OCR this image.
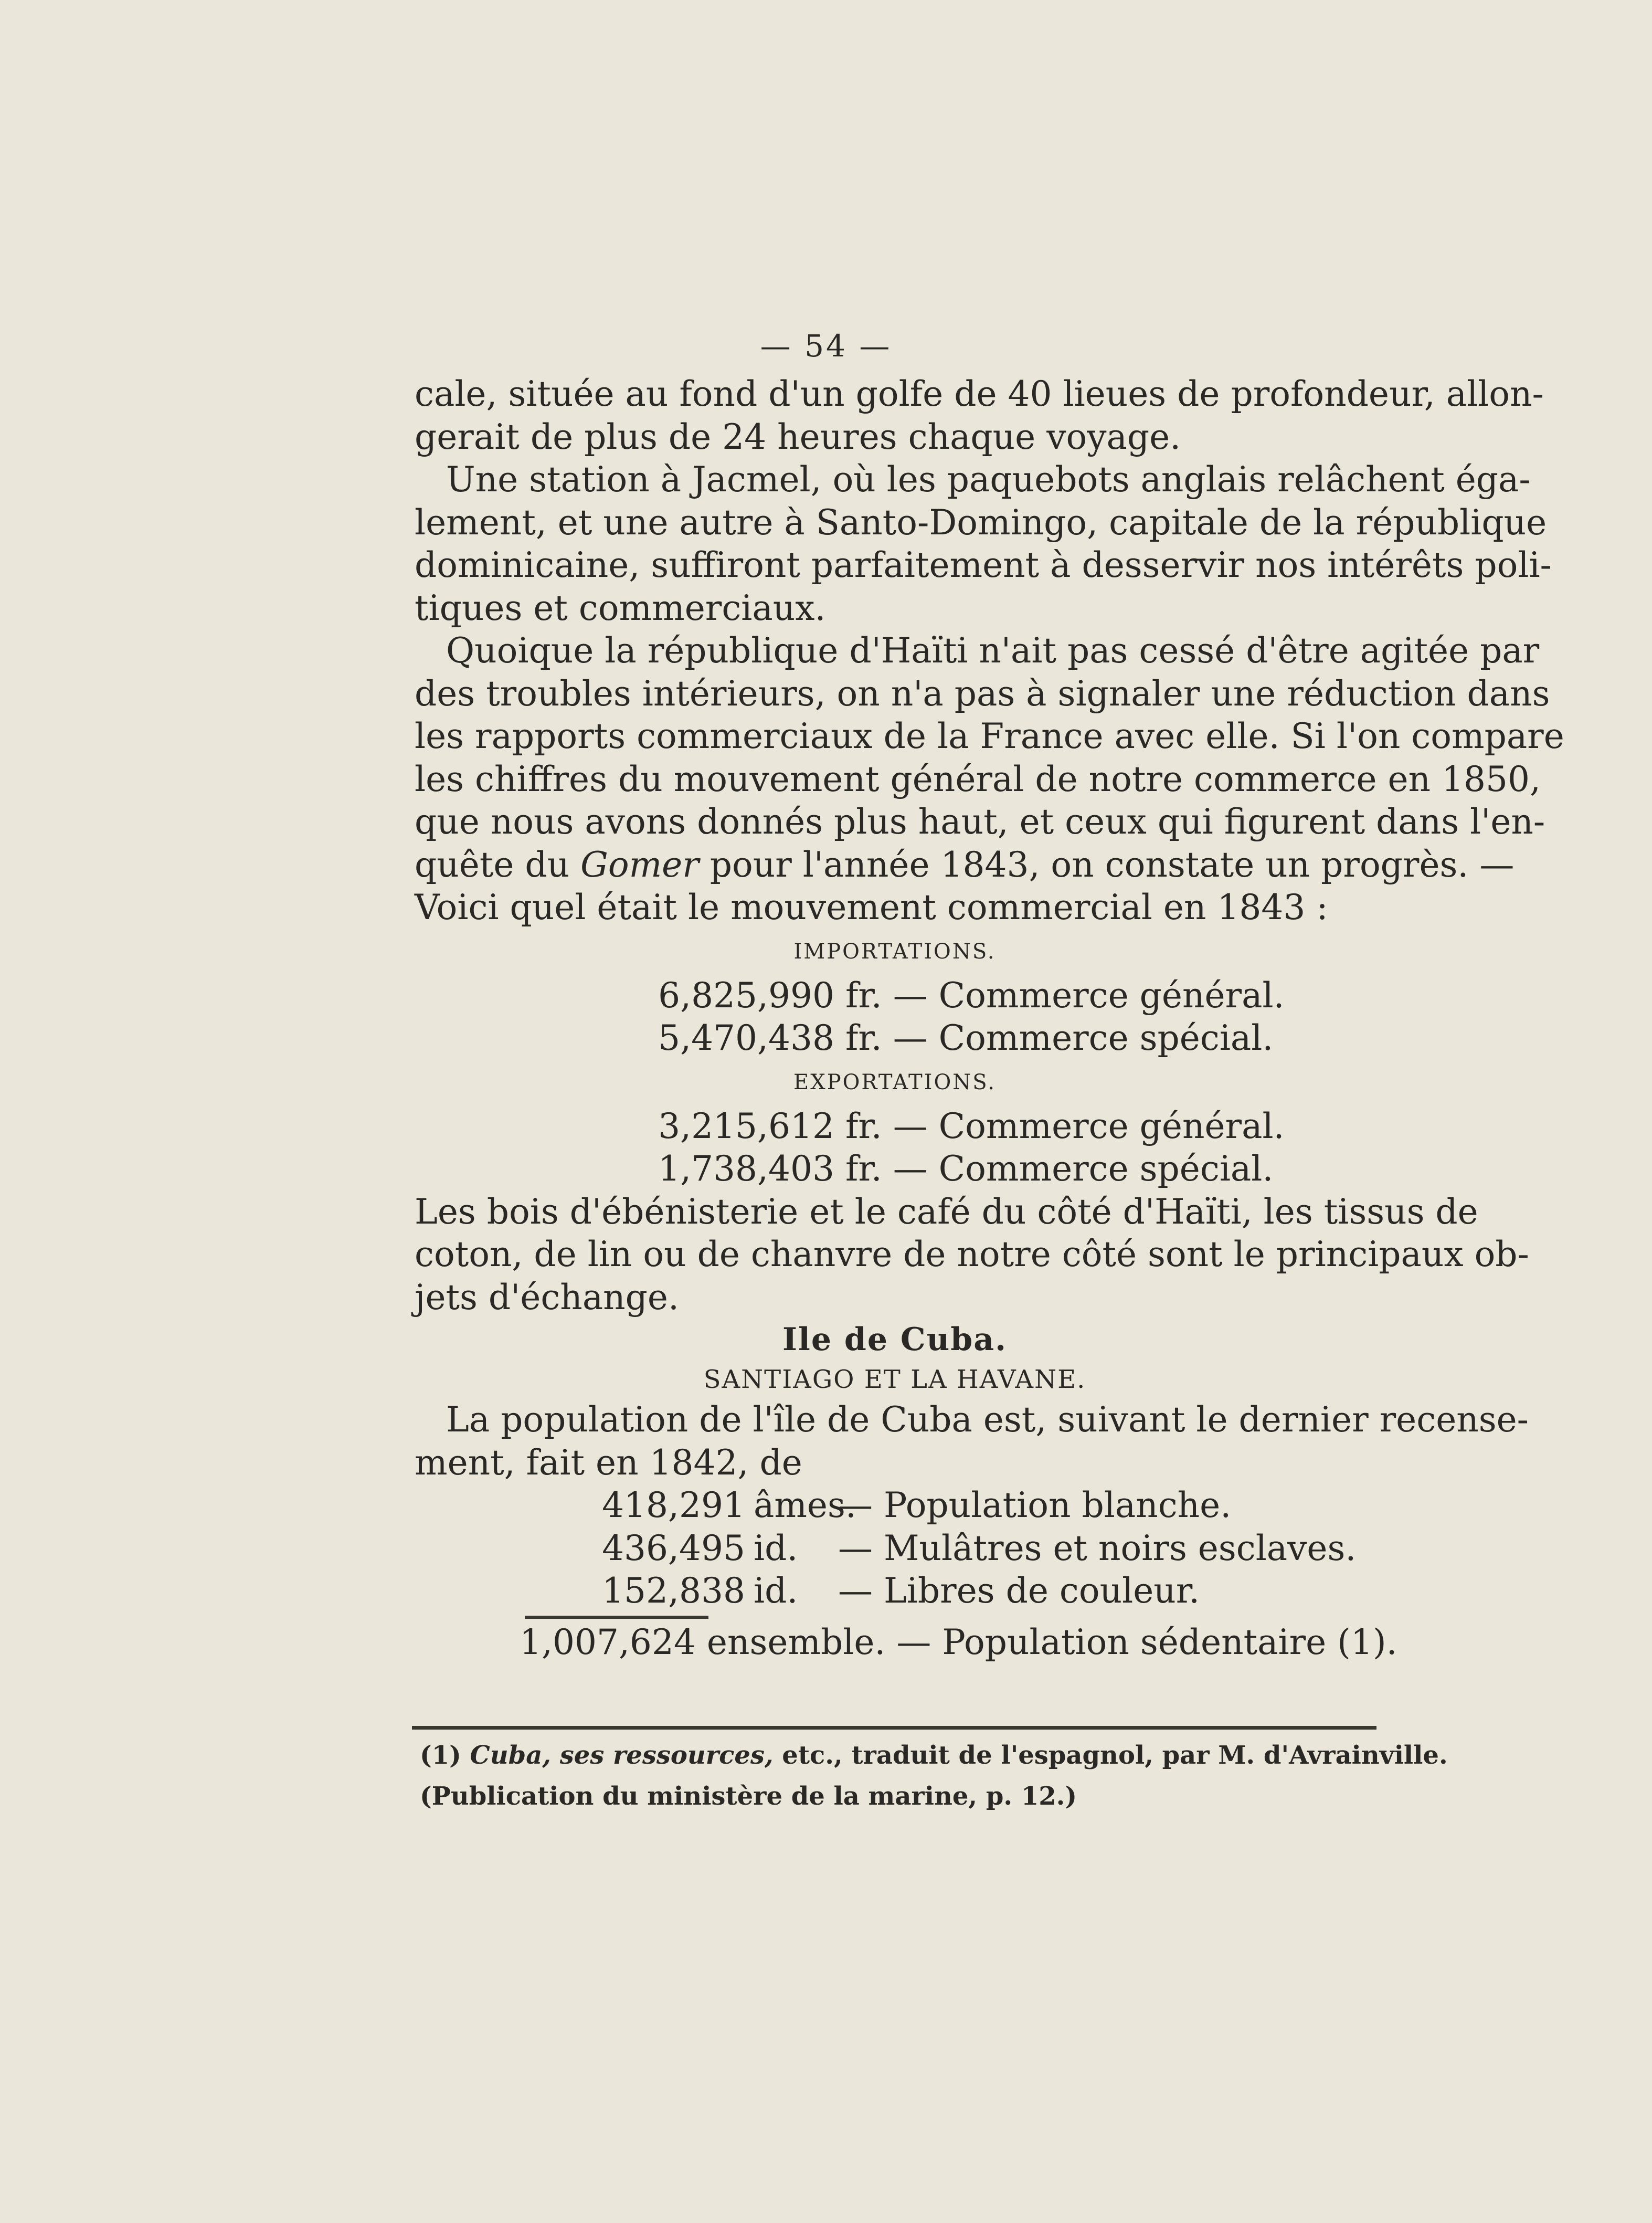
— 54 —
cale, située au fond d'un golfe de 40 lieues de profondeur, allon-
gerait de plus de 24 heures chaque voyage.
Une station à Jacmel, où les paquebots anglais relâchent éga-
lement, et une autre à Santo-Domingo, capitale de la république
dominicaine, suffiront parfaitement à desservir nos intérêts poli-
tiques et commerciaux.
Quoique la république d'Haïti n'ait pas cessé d'être agitée par
des troubles intérieurs, on n'a pas à signaler une réduction dans
les rapports commerciaux de la France avec elle. Si l'on compare
les chiffres du mouvement général de notre commerce en 1850,
que nous avons donnés plus haut, et ceux qui figurent dans l'en-
quête du Gomer pour l'année 1843, on constate un progrès. —
Voici quel était le mouvement commercial en 1843 :
IMPORTATIONS.
6,825,990 fr. — Commerce général.
5,470,438 fr. — Commerce spécial.
EXPORTATIONS.
3,215,612 fr. — Commerce général.
1,738,403 fr. — Commerce spécial.
Les bois d'ébénisterie et le café du côté d'Haïti, les tissus de
coton, de lin ou de chanvre de notre côté sont le principaux ob-
jets d'échange.
Ile de Cuba.
SANTIAGO ET LA HAVANE.
La population de l'île de Cuba est, suivant le dernier recense-
ment, fait en 1842, de
418,291 âmes. — Population blanche.
436,495 id. — Mulâtres et noirs esclaves.
152,838 id. — Libres de couleur.
1,007,624 ensemble. — Population sédentaire (1).
(1) Cuba, ses ressources, etc., traduit de l'espagnol, par M. d'Avrainville.
(Publication du ministère de la marine, p. 12.)
